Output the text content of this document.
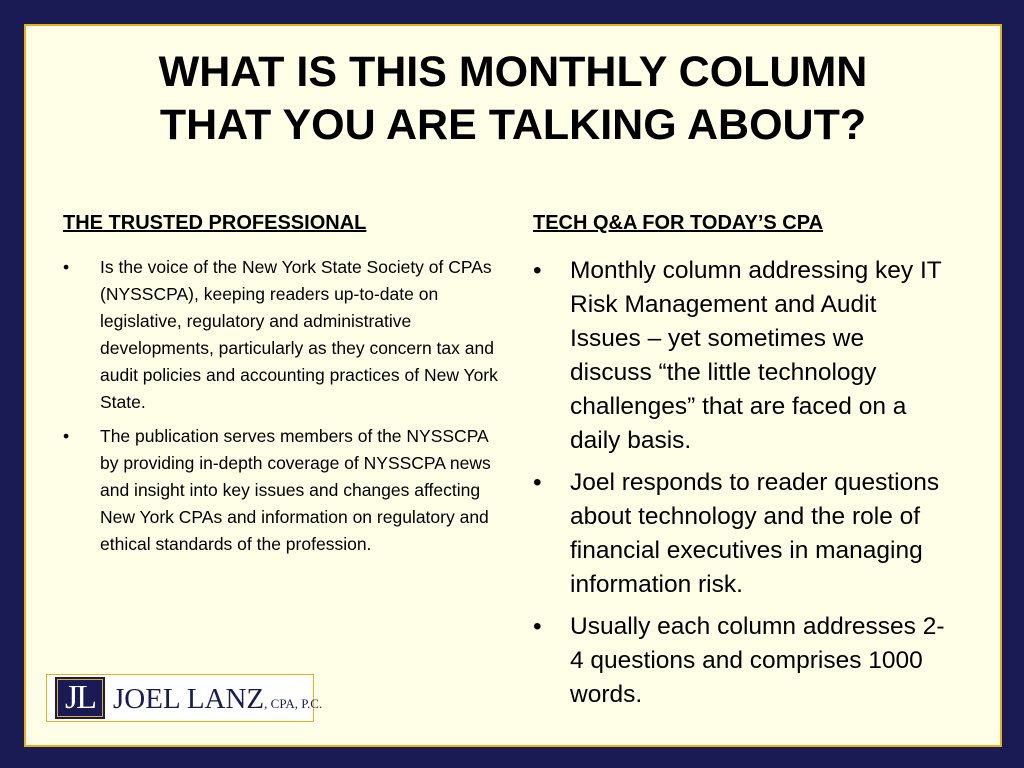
WHAT IS THIS MONTHLY COLUMN
THAT YOU ARE TALKING ABOUT?
THE TRUSTED PROFESSIONAL
• Is the voice of the New York State Society of CPAs (NYSSCPA), keeping readers up-to-date on legislative, regulatory and administrative developments, particularly as they concern tax and audit policies and accounting practices of New York State.
• The publication serves members of the NYSSCPA by providing in-depth coverage of NYSSCPA news and insight into key issues and changes affecting New York CPAs and information on regulatory and ethical standards of the profession.
TECH Q&A FOR TODAY’S CPA
• Monthly column addressing key IT Risk Management and Audit Issues – yet sometimes we discuss “the little technology challenges” that are faced on a daily basis.
• Joel responds to reader questions about technology and the role of financial executives in managing information risk.
• Usually each column addresses 2-4 questions and comprises 1000 words.
JL JOEL LANZ, CPA, P.C.
